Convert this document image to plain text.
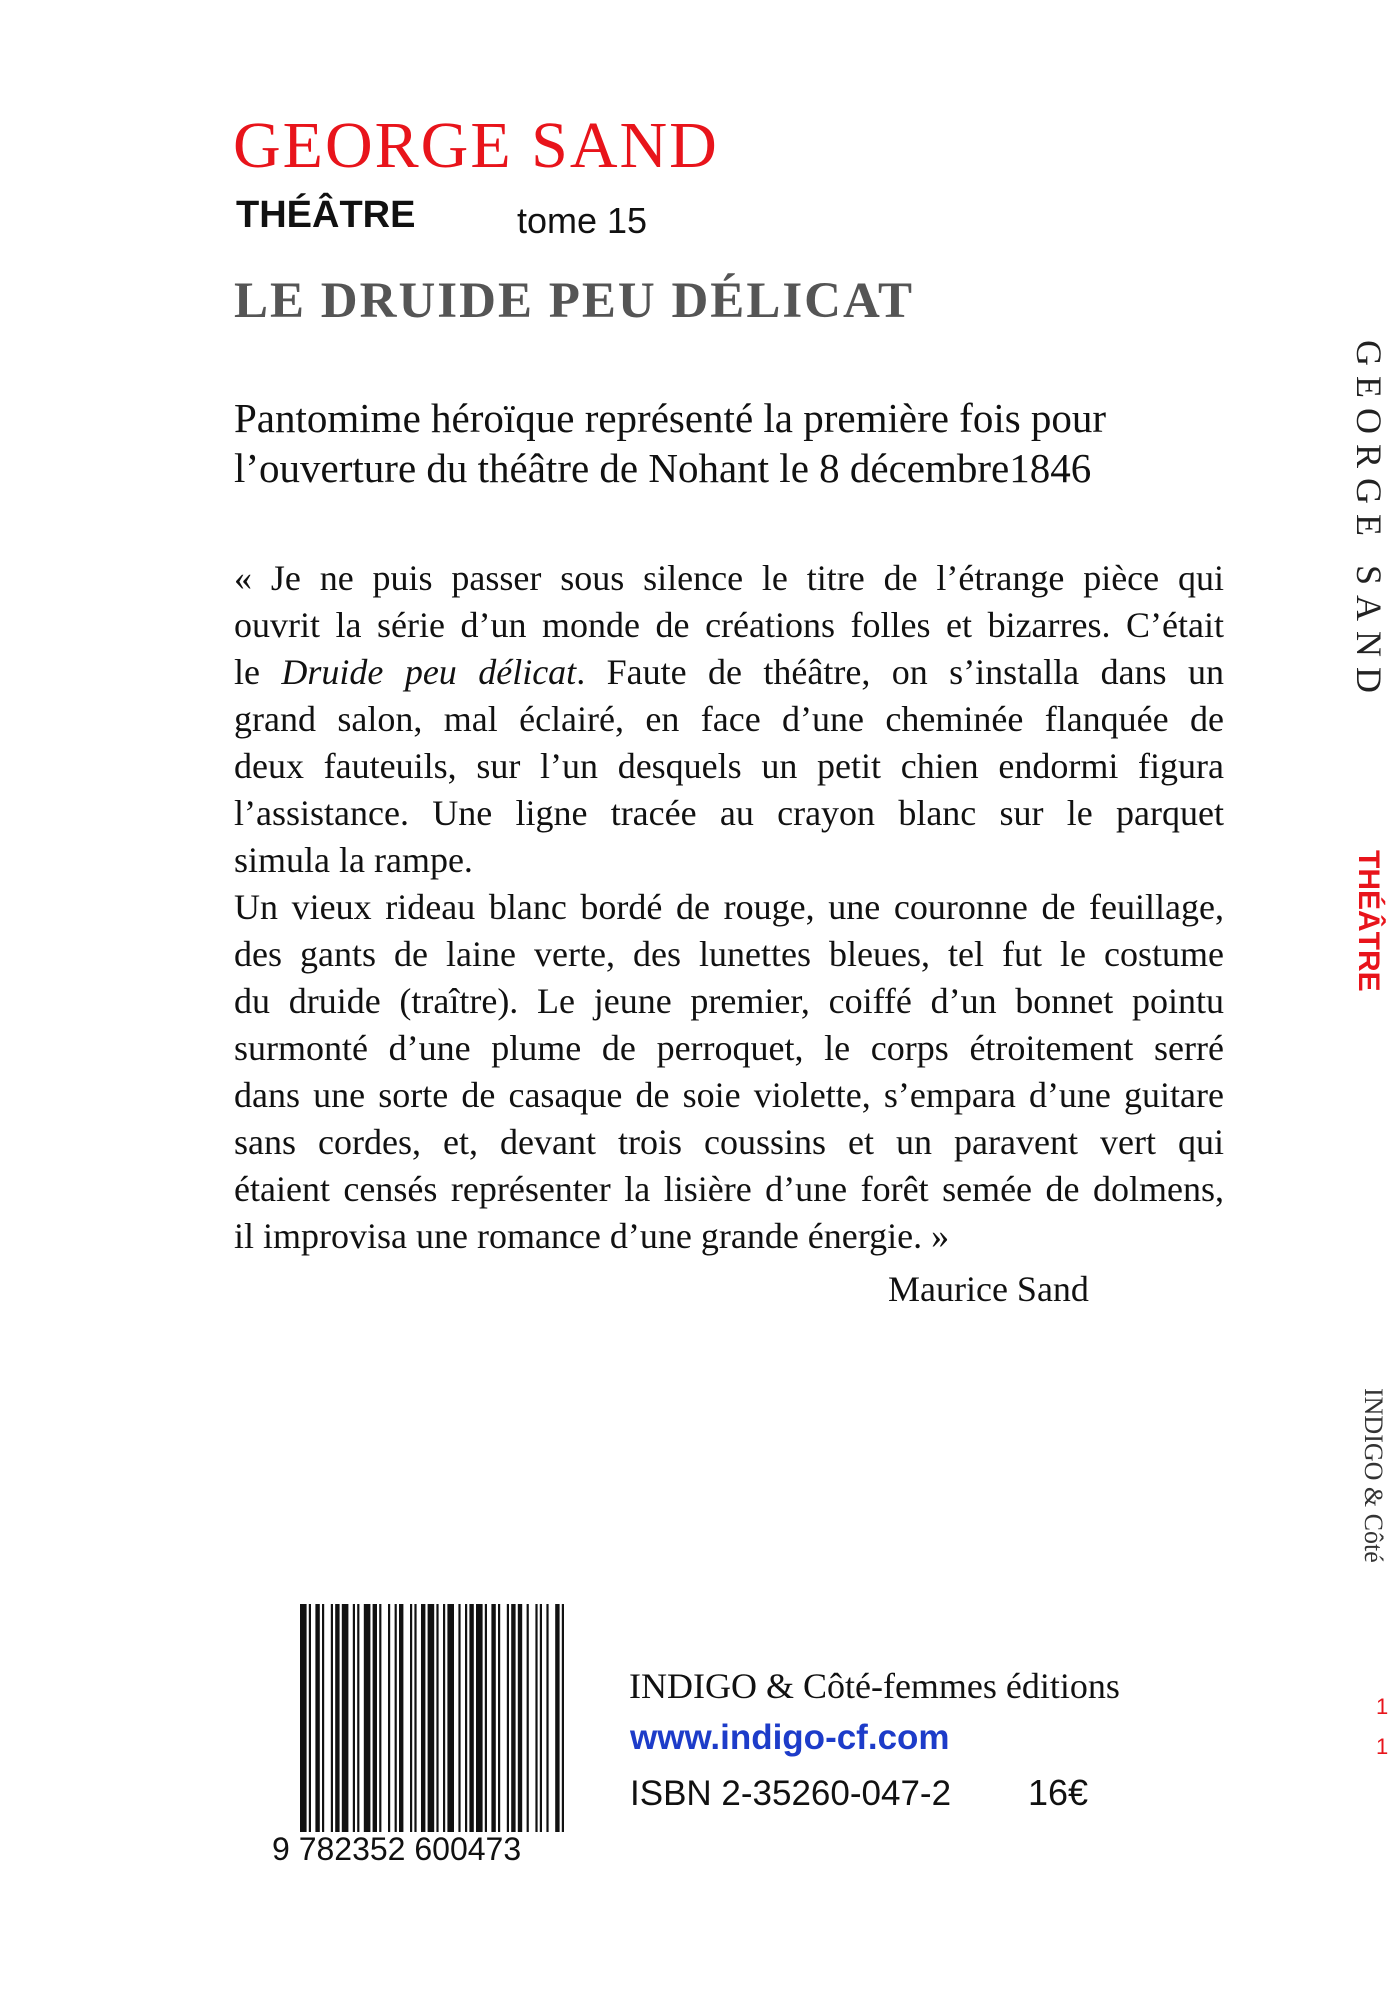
GEORGE SAND
THÉÂTRE	tome 15
LE DRUIDE PEU DÉLICAT
Pantomime héroïque représenté la première fois pour
l’ouverture du théâtre de Nohant le 8 décembre1846
« Je ne puis passer sous silence le titre de l’étrange pièce qui
ouvrit la série d’un monde de créations folles et bizarres. C’était
le Druide peu délicat. Faute de théâtre, on s’installa dans un
grand salon, mal éclairé, en face d’une cheminée flanquée de
deux fauteuils, sur l’un desquels un petit chien endormi figura
l’assistance. Une ligne tracée au crayon blanc sur le parquet
simula la rampe.
Un vieux rideau blanc bordé de rouge, une couronne de feuillage,
des gants de laine verte, des lunettes bleues, tel fut le costume
du druide (traître). Le jeune premier, coiffé d’un bonnet pointu
surmonté d’une plume de perroquet, le corps étroitement serré
dans une sorte de casaque de soie violette, s’empara d’une guitare
sans cordes, et, devant trois coussins et un paravent vert qui
étaient censés représenter la lisière d’une forêt semée de dolmens,
il improvisa une romance d’une grande énergie. »
Maurice Sand
9 782352 600473
INDIGO & Côté-femmes éditions
www.indigo-cf.com
ISBN 2-35260-047-2 16€
GEORGE SAND
THÉÂTRE
INDIGO & Côté
1
1
